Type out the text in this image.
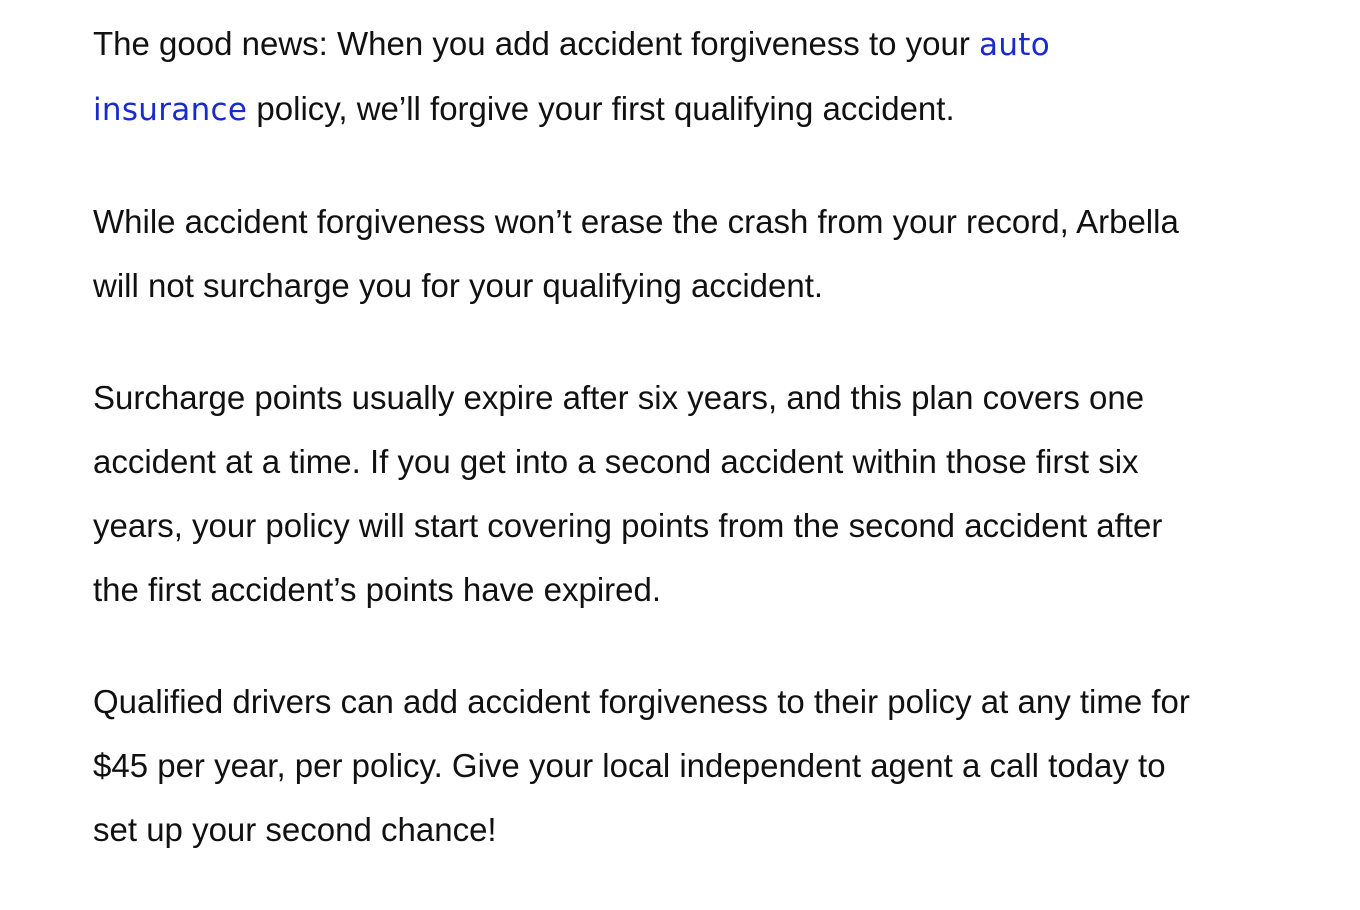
The good news: When you add accident forgiveness to your auto
insurance policy, we’ll forgive your first qualifying accident.

While accident forgiveness won’t erase the crash from your record, Arbella
will not surcharge you for your qualifying accident.

Surcharge points usually expire after six years, and this plan covers one
accident at a time. If you get into a second accident within those first six
years, your policy will start covering points from the second accident after
the first accident’s points have expired.

Qualified drivers can add accident forgiveness to their policy at any time for
$45 per year, per policy. Give your local independent agent a call today to
set up your second chance!
